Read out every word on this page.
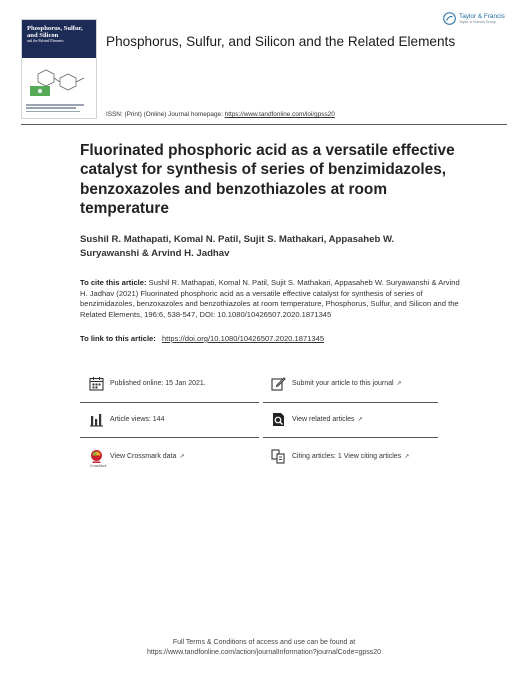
Phosphorus, Sulfur, and Silicon
and the Related Elements	Phosphorus, Sulfur, and Silicon and the Related Elements
Taylor & Francis
Taylor & Francis Group
ISSN: (Print) (Online) Journal homepage: https://www.tandfonline.com/loi/gpss20
Fluorinated phosphoric acid as a versatile effective catalyst for synthesis of series of benzimidazoles, benzoxazoles and benzothiazoles at room temperature
Sushil R. Mathapati, Komal N. Patil, Sujit S. Mathakari, Appasaheb W. Suryawanshi & Arvind H. Jadhav
To cite this article: Sushil R. Mathapati, Komal N. Patil, Sujit S. Mathakari, Appasaheb W. Suryawanshi & Arvind H. Jadhav (2021) Fluorinated phosphoric acid as a versatile effective catalyst for synthesis of series of benzimidazoles, benzoxazoles and benzothiazoles at room temperature, Phosphorus, Sulfur, and Silicon and the Related Elements, 196:6, 538-547, DOI: 10.1080/10426507.2020.1871345
To link to this article: https://doi.org/10.1080/10426507.2020.1871345
Published online: 15 Jan 2021.	Submit your article to this journal ↗
Article views: 144	View related articles ↗
View Crossmark data ↗
CrossMark
Citing articles: 1 View citing articles ↗
Full Terms & Conditions of access and use can be found at
https://www.tandfonline.com/action/journalInformation?journalCode=gpss20
